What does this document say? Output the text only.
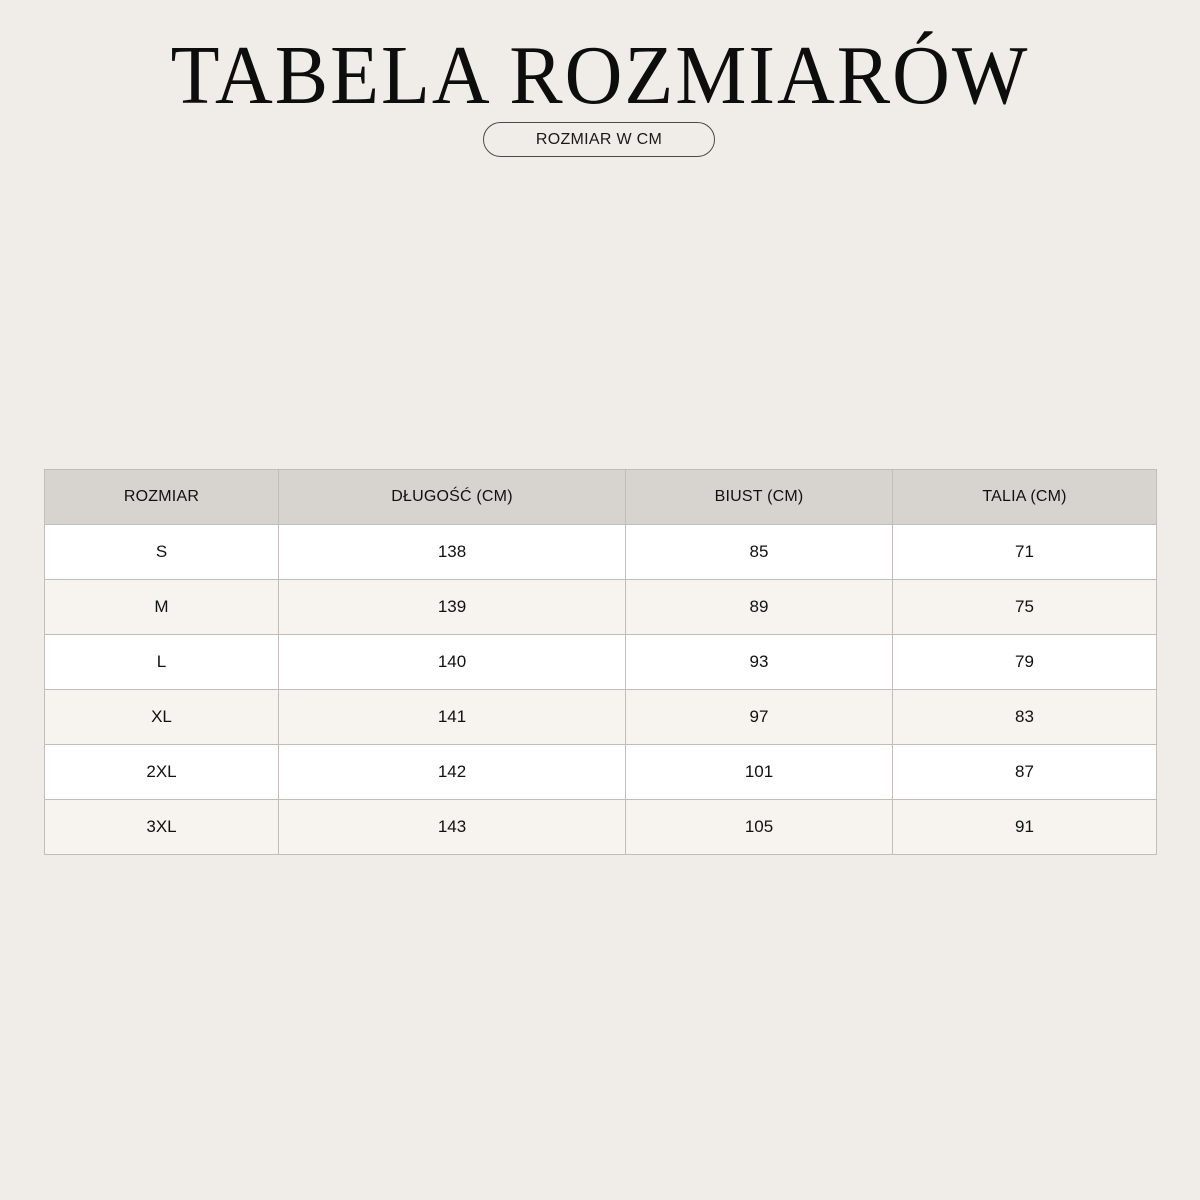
TABELA ROZMIARÓW
ROZMIAR W CM
ROZMIAR	DŁUGOŚĆ (CM)	BIUST (CM)	TALIA (CM)
S	138	85	71
M	139	89	75
L	140	93	79
XL	141	97	83
2XL	142	101	87
3XL	143	105	91
